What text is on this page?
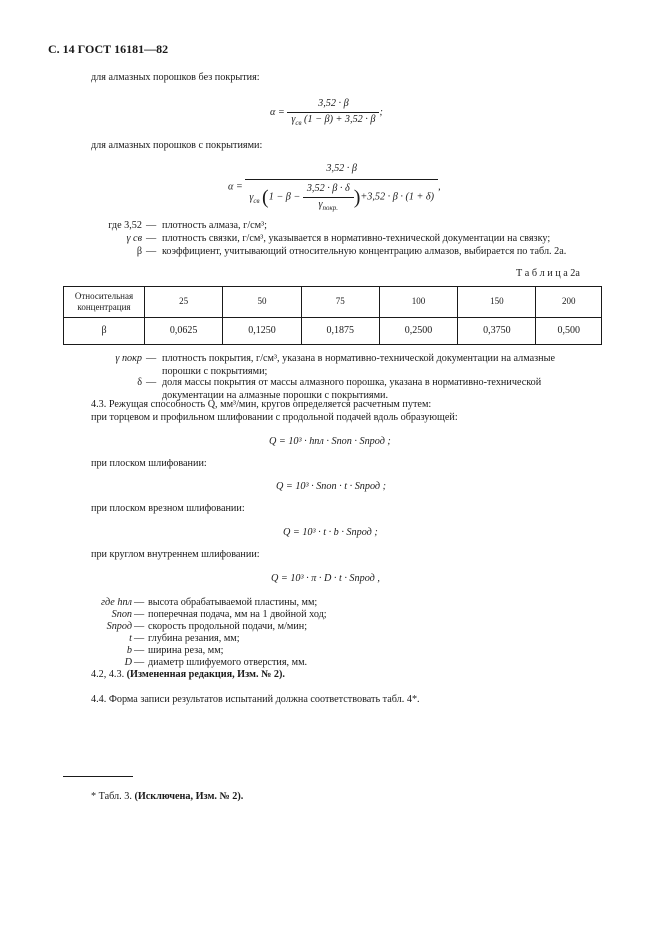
С. 14 ГОСТ 16181—82
для алмазных порошков без покрытия:
$\alpha = \frac{3,52 \cdot \beta}{\gamma_{св} (1 - \beta) + 3,52 \cdot \beta}$ ;
для алмазных порошков с покрытиями:
α =
3,52 · β
$\gamma_{св}$ $(1 - \beta - \frac{3,52 \cdot \beta \cdot \delta}{\gamma_{покр.}} )+3,52 \cdot \beta \cdot (1 + \delta)$
,
где 3,52 — плотность алмаза, г/см³;
γ св — плотность связки, г/см³, указывается в нормативно-технической документации на связку;
β — коэффициент, учитывающий относительную концентрацию алмазов, выбирается по табл. 2а.
Т а б л и ц а 2а
Относительная концентрация	25	50	75	100	150	200
β	0,0625	0,1250	0,1875	0,2500	0,3750	0,500
γ покр — плотность покрытия, г/см³, указана в нормативно-технической документации на алмазные
порошки с покрытиями;
δ — доля массы покрытия от массы алмазного порошка, указана в нормативно-технической
документации на алмазные порошки с покрытиями.
4.3. Режущая способность Q, мм³/мин, кругов определяется расчетным путем:
при торцевом и профильном шлифовании с продольной подачей вдоль образующей:
Q = 10³ · hпл · Sпоп · Sпрод ;
при плоском шлифовании:
Q = 10³ · Sпоп · t · Sпрод ;
при плоском врезном шлифовании:
Q = 10³ · t · b · Sпрод ;
при круглом внутреннем шлифовании:
Q = 10³ · π · D · t · Sпрод ,
где hпл — высота обрабатываемой пластины, мм;
Sпоп — поперечная подача, мм на 1 двойной ход;
Sпрод — скорость продольной подачи, м/мин;
t — глубина резания, мм;
b — ширина реза, мм;
D — диаметр шлифуемого отверстия, мм.
4.2, 4.3. (Измененная редакция, Изм. № 2).
4.4. Форма записи результатов испытаний должна соответствовать табл. 4*.
* Табл. 3. (Исключена, Изм. № 2).
